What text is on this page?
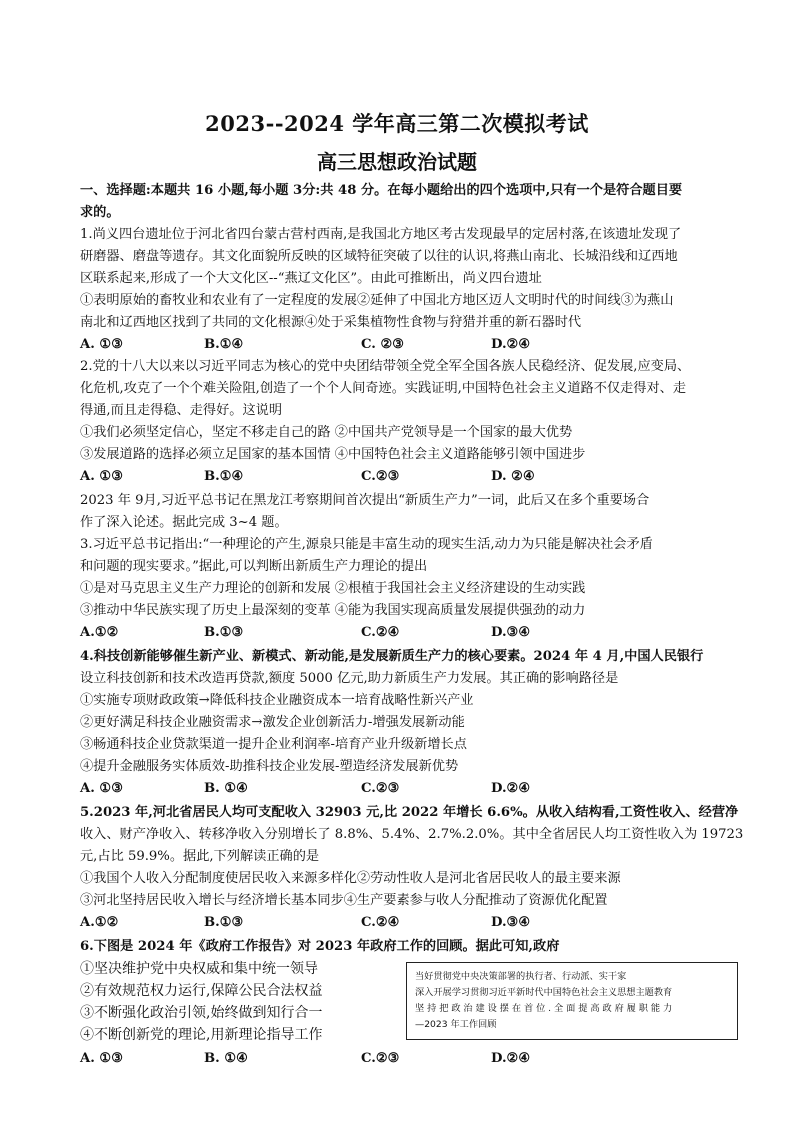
2023--2024 学年高三第二次模拟考试
高三思想政治试题
一、选择题:本题共 16 小题,每小题 3分:共 48 分。在每小题给出的四个选项中,只有一个是符合题目要
求的。
1.尚义四台遗址位于河北省四台蒙古营村西南,是我国北方地区考古发现最早的定居村落,在该遗址发现了
研磨器、磨盘等遗存。其文化面貌所反映的区域特征突破了以往的认识,将燕山南北、长城沿线和辽西地
区联系起来,形成了一个大文化区--“燕辽文化区”。由此可推断出，尚义四台遗址
①表明原始的畜牧业和农业有了一定程度的发展②延伸了中国北方地区迈人文明时代的时间线③为燕山
南北和辽西地区找到了共同的文化根源④处于采集植物性食物与狩猎并重的新石器时代
A. ①③	B.①④	C. ②③	D.②④
2.党的十八大以来以习近平同志为核心的党中央团结带领全党全军全国各族人民稳经济、促发展,应变局、
化危机,攻克了一个个难关险阻,创造了一个个人间奇迹。实践证明,中国特色社会主义道路不仅走得对、走
得通,而且走得稳、走得好。这说明
①我们必须坚定信心，坚定不移走自己的路 ②中国共产党领导是一个国家的最大优势
③发展道路的选择必须立足国家的基本国情 ④中国特色社会主义道路能够引领中国进步
A. ①③	B.①④	C.②③	D. ②④
2023 年 9月,习近平总书记在黑龙江考察期间首次提出“新质生产力”一词，此后又在多个重要场合
作了深入论述。据此完成 3~4 题。
3.习近平总书记指出:“一种理论的产生,源泉只能是丰富生动的现实生活,动力为只能是解决社会矛盾
和问题的现实要求。”据此,可以判断出新质生产力理论的提出
①是对马克思主义生产力理论的创新和发展 ②根植于我国社会主义经济建设的生动实践
③推动中华民族实现了历史上最深刻的变革 ④能为我国实现高质量发展提供强劲的动力
A.①②	B.①③	C.②④	D.③④
4.科技创新能够催生新产业、新模式、新动能,是发展新质生产力的核心要素。2024 年 4 月,中国人民银行
设立科技创新和技术改造再贷款,额度 5000 亿元,助力新质生产力发展。其正确的影响路径是
①实施专项财政政策→降低科技企业融资成本一培育战略性新兴产业
②更好满足科技企业融资需求→激发企业创新活力-增强发展新动能
③畅通科技企业贷款渠道一提升企业利润率-培育产业升级新增长点
④提升金融服务实体质效-助推科技企业发展-塑造经济发展新优势
A. ①③	B. ①④	C.②③	D.②④
5.2023 年,河北省居民人均可支配收入 32903 元,比 2022 年增长 6.6%。从收入结构看,工资性收入、经营净
收入、财产净收入、转移净收入分别增长了 8.8%、5.4%、2.7%.2.0%。其中全省居民人均工资性收入为 19723
元,占比 59.9%。据此,下列解读正确的是
①我国个人收入分配制度使居民收入来源多样化②劳动性收人是河北省居民收人的最主要来源
③河北坚持居民收入增长与经济增长基本同步④生产要素参与收人分配推动了资源优化配置
A.①②	B.①③	C.②④	D.③④
6.下图是 2024 年《政府工作报告》对 2023 年政府工作的回顾。据此可知,政府
①坚决维护党中央权威和集中统一领导
②有效规范权力运行,保障公民合法权益
③不断强化政治引领,始终做到知行合一
④不断创新党的理论,用新理论指导工作
A. ①③	B. ①④	C.②③	D.②④
当好贯彻党中央决策部署的执行者、行动派、实干家
深入开展学习贯彻习近平新时代中国特色社会主义思想主题教育
坚 持 把 政 治 建 设 摆 在 首 位 . 全 面 提 高 政 府 履 职 能 力
—2023 年工作回顾
